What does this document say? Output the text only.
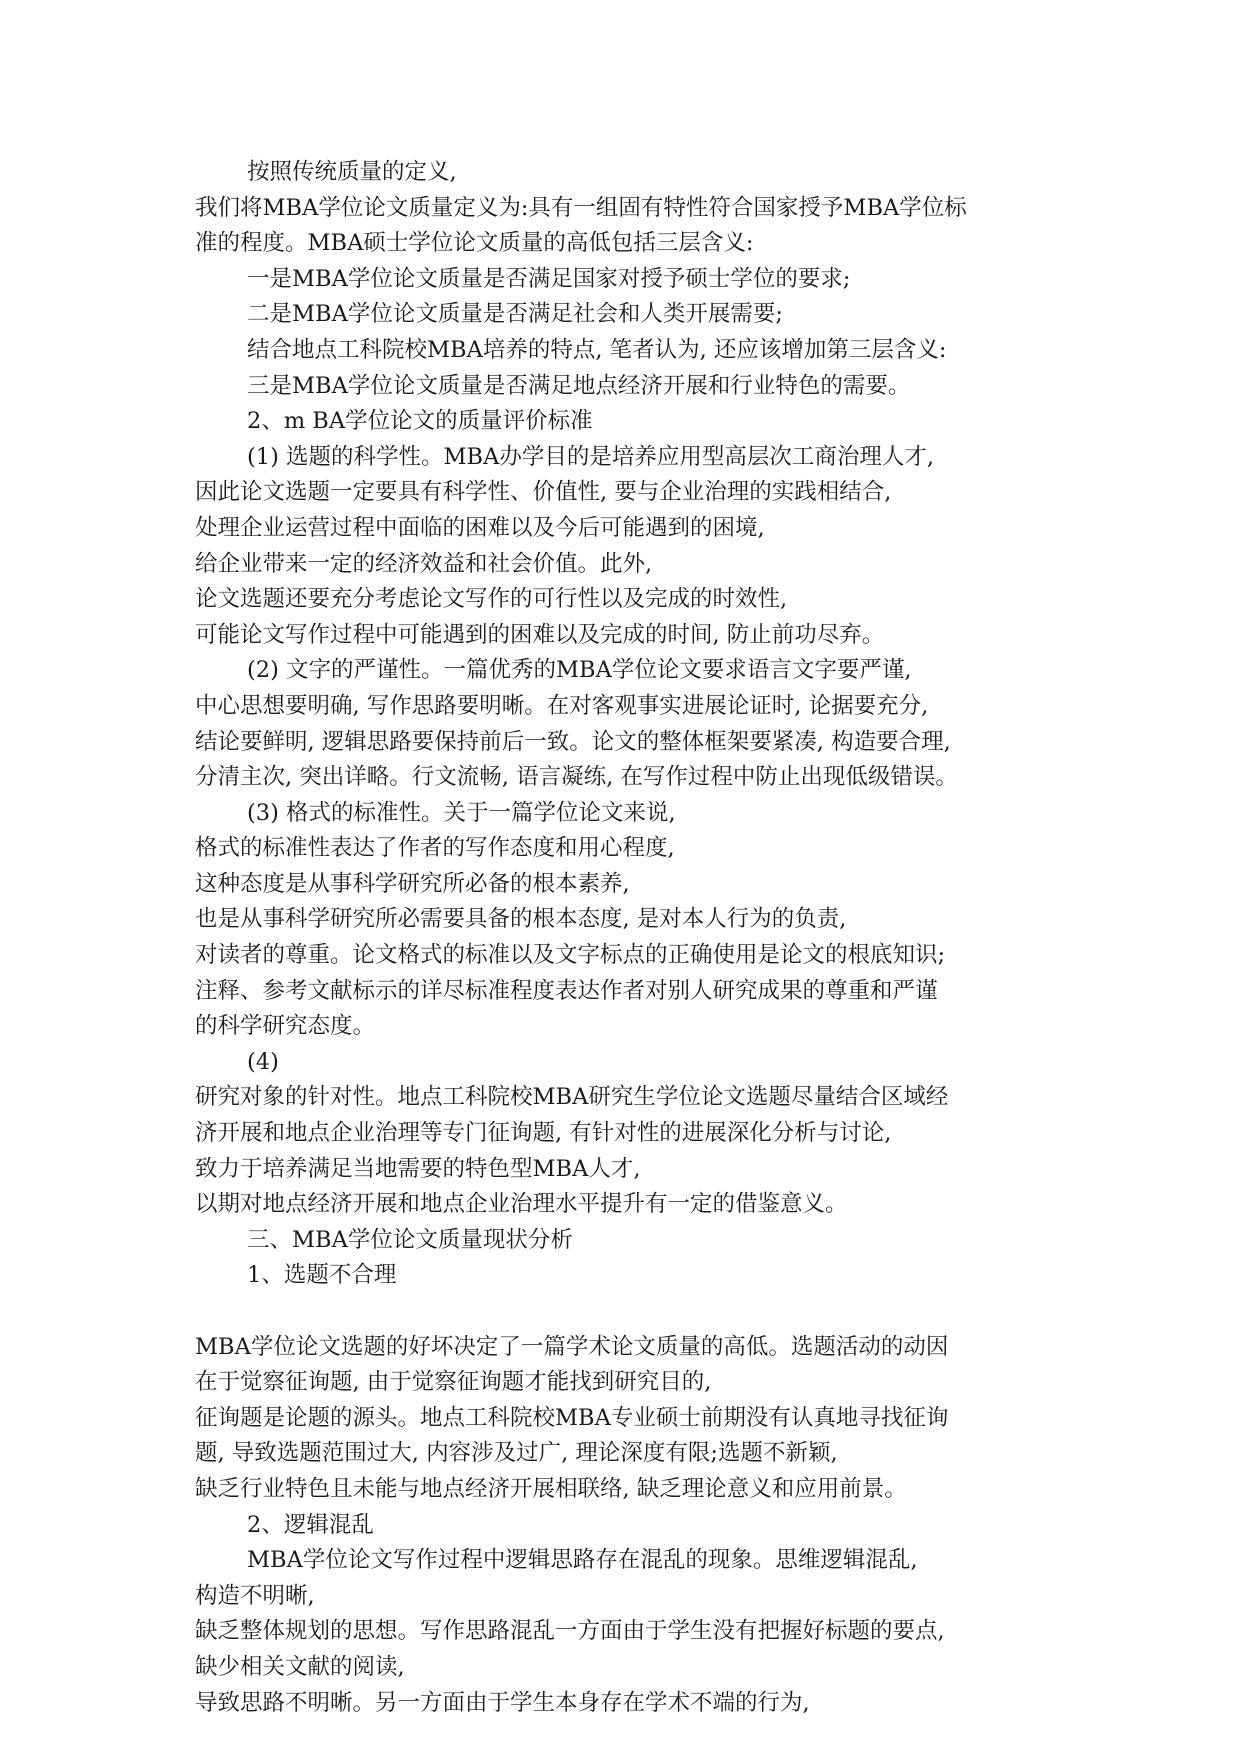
按照传统质量的定义,
我们将MBA学位论文质量定义为:具有一组固有特性符合国家授予MBA学位标
准的程度。MBA硕士学位论文质量的高低包括三层含义:
一是MBA学位论文质量是否满足国家对授予硕士学位的要求;
二是MBA学位论文质量是否满足社会和人类开展需要;
结合地点工科院校MBA培养的特点, 笔者认为, 还应该增加第三层含义:
三是MBA学位论文质量是否满足地点经济开展和行业特色的需要。
2、m BA学位论文的质量评价标准
(1) 选题的科学性。MBA办学目的是培养应用型高层次工商治理人才,
因此论文选题一定要具有科学性、价值性, 要与企业治理的实践相结合,
处理企业运营过程中面临的困难以及今后可能遇到的困境,
给企业带来一定的经济效益和社会价值。此外,
论文选题还要充分考虑论文写作的可行性以及完成的时效性,
可能论文写作过程中可能遇到的困难以及完成的时间, 防止前功尽弃。
(2) 文字的严谨性。一篇优秀的MBA学位论文要求语言文字要严谨,
中心思想要明确, 写作思路要明晰。在对客观事实进展论证时, 论据要充分,
结论要鲜明, 逻辑思路要保持前后一致。论文的整体框架要紧凑, 构造要合理,
分清主次, 突出详略。行文流畅, 语言凝练, 在写作过程中防止出现低级错误。
(3) 格式的标准性。关于一篇学位论文来说,
格式的标准性表达了作者的写作态度和用心程度,
这种态度是从事科学研究所必备的根本素养,
也是从事科学研究所必需要具备的根本态度, 是对本人行为的负责,
对读者的尊重。论文格式的标准以及文字标点的正确使用是论文的根底知识;
注释、参考文献标示的详尽标准程度表达作者对别人研究成果的尊重和严谨
的科学研究态度。
(4)
研究对象的针对性。地点工科院校MBA研究生学位论文选题尽量结合区域经
济开展和地点企业治理等专门征询题, 有针对性的进展深化分析与讨论,
致力于培养满足当地需要的特色型MBA人才,
以期对地点经济开展和地点企业治理水平提升有一定的借鉴意义。
三、MBA学位论文质量现状分析
1、选题不合理
MBA学位论文选题的好坏决定了一篇学术论文质量的高低。选题活动的动因
在于觉察征询题, 由于觉察征询题才能找到研究目的,
征询题是论题的源头。地点工科院校MBA专业硕士前期没有认真地寻找征询
题, 导致选题范围过大, 内容涉及过广, 理论深度有限;选题不新颖,
缺乏行业特色且未能与地点经济开展相联络, 缺乏理论意义和应用前景。
2、逻辑混乱
MBA学位论文写作过程中逻辑思路存在混乱的现象。思维逻辑混乱,
构造不明晰,
缺乏整体规划的思想。写作思路混乱一方面由于学生没有把握好标题的要点,
缺少相关文献的阅读,
导致思路不明晰。另一方面由于学生本身存在学术不端的行为,
